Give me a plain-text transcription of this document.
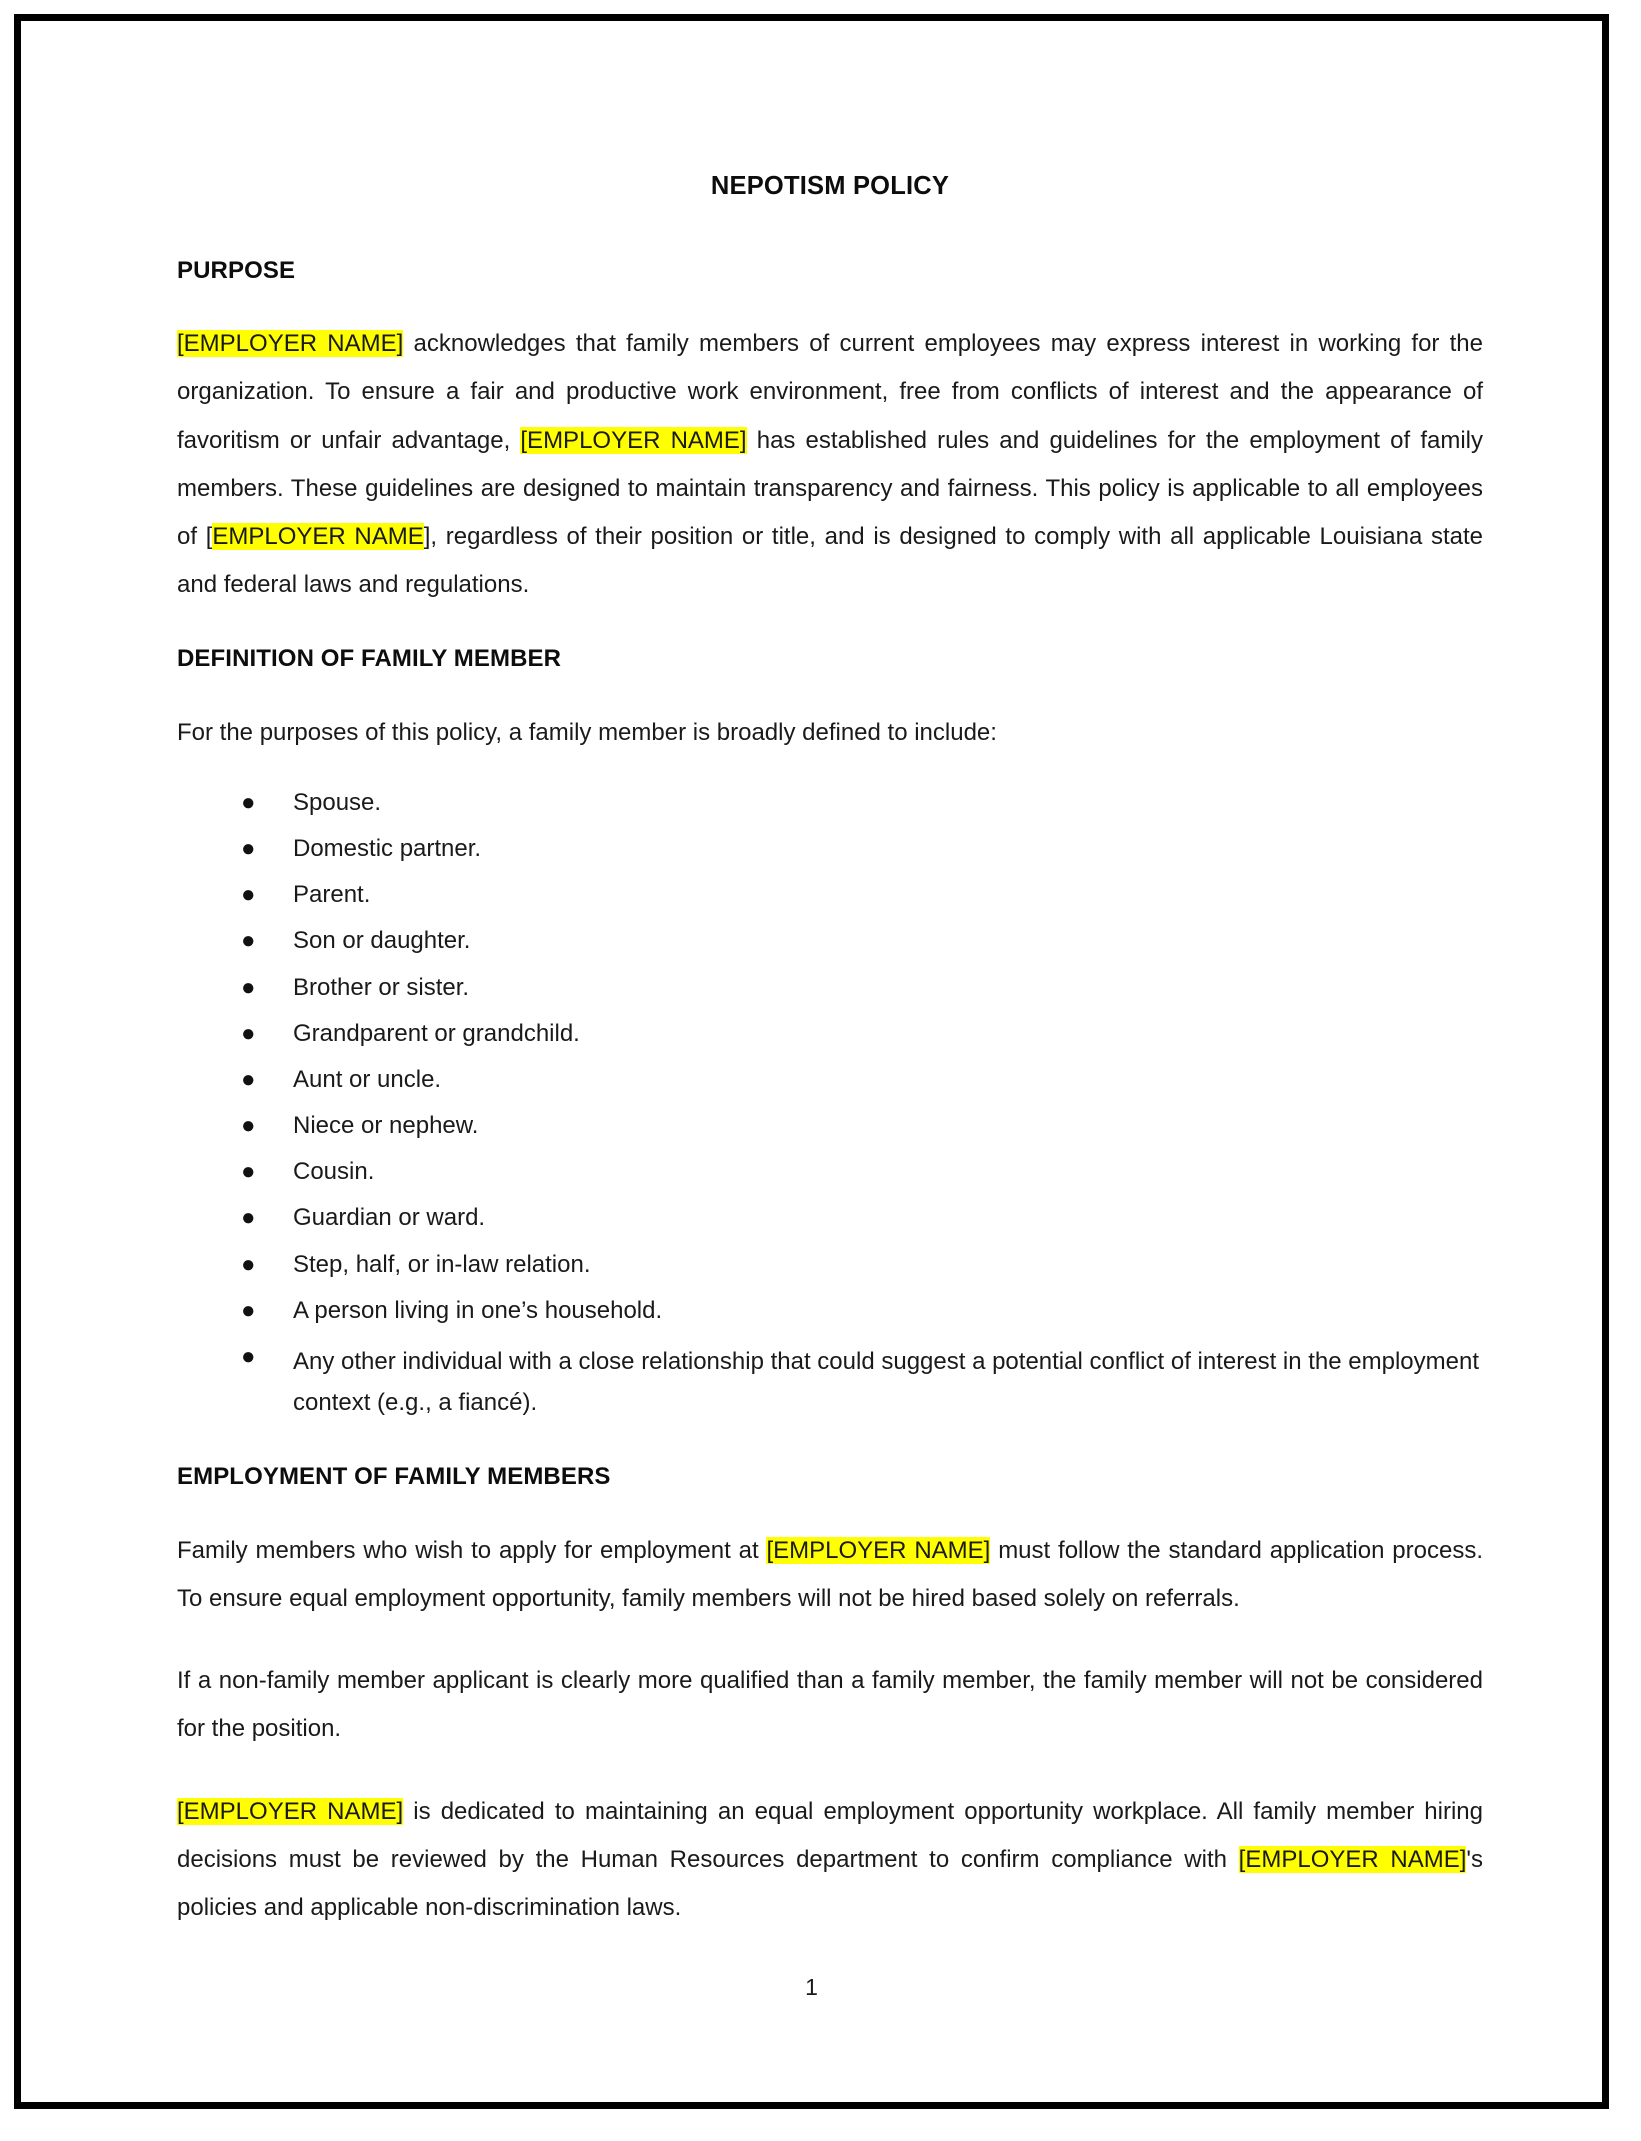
NEPOTISM POLICY
PURPOSE

[EMPLOYER NAME] acknowledges that family members of current employees may express interest in working for the organization. To ensure a fair and productive work environment, free from conflicts of interest and the appearance of favoritism or unfair advantage, [EMPLOYER NAME] has established rules and guidelines for the employment of family members. These guidelines are designed to maintain transparency and fairness. This policy is applicable to all employees of [EMPLOYER NAME], regardless of their position or title, and is designed to comply with all applicable Louisiana state and federal laws and regulations.

DEFINITION OF FAMILY MEMBER

For the purposes of this policy, a family member is broadly defined to include:

● Spouse.
● Domestic partner.
● Parent.
● Son or daughter.
● Brother or sister.
● Grandparent or grandchild.
● Aunt or uncle.
● Niece or nephew.
● Cousin.
● Guardian or ward.
● Step, half, or in-law relation.
● A person living in one’s household.
● Any other individual with a close relationship that could suggest a potential conflict of interest in the employment context (e.g., a fiancé).
EMPLOYMENT OF FAMILY MEMBERS

Family members who wish to apply for employment at [EMPLOYER NAME] must follow the standard application process. To ensure equal employment opportunity, family members will not be hired based solely on referrals.

If a non-family member applicant is clearly more qualified than a family member, the family member will not be considered for the position.

[EMPLOYER NAME] is dedicated to maintaining an equal employment opportunity workplace. All family member hiring decisions must be reviewed by the Human Resources department to confirm compliance with [EMPLOYER NAME]'s policies and applicable non-discrimination laws.

1
